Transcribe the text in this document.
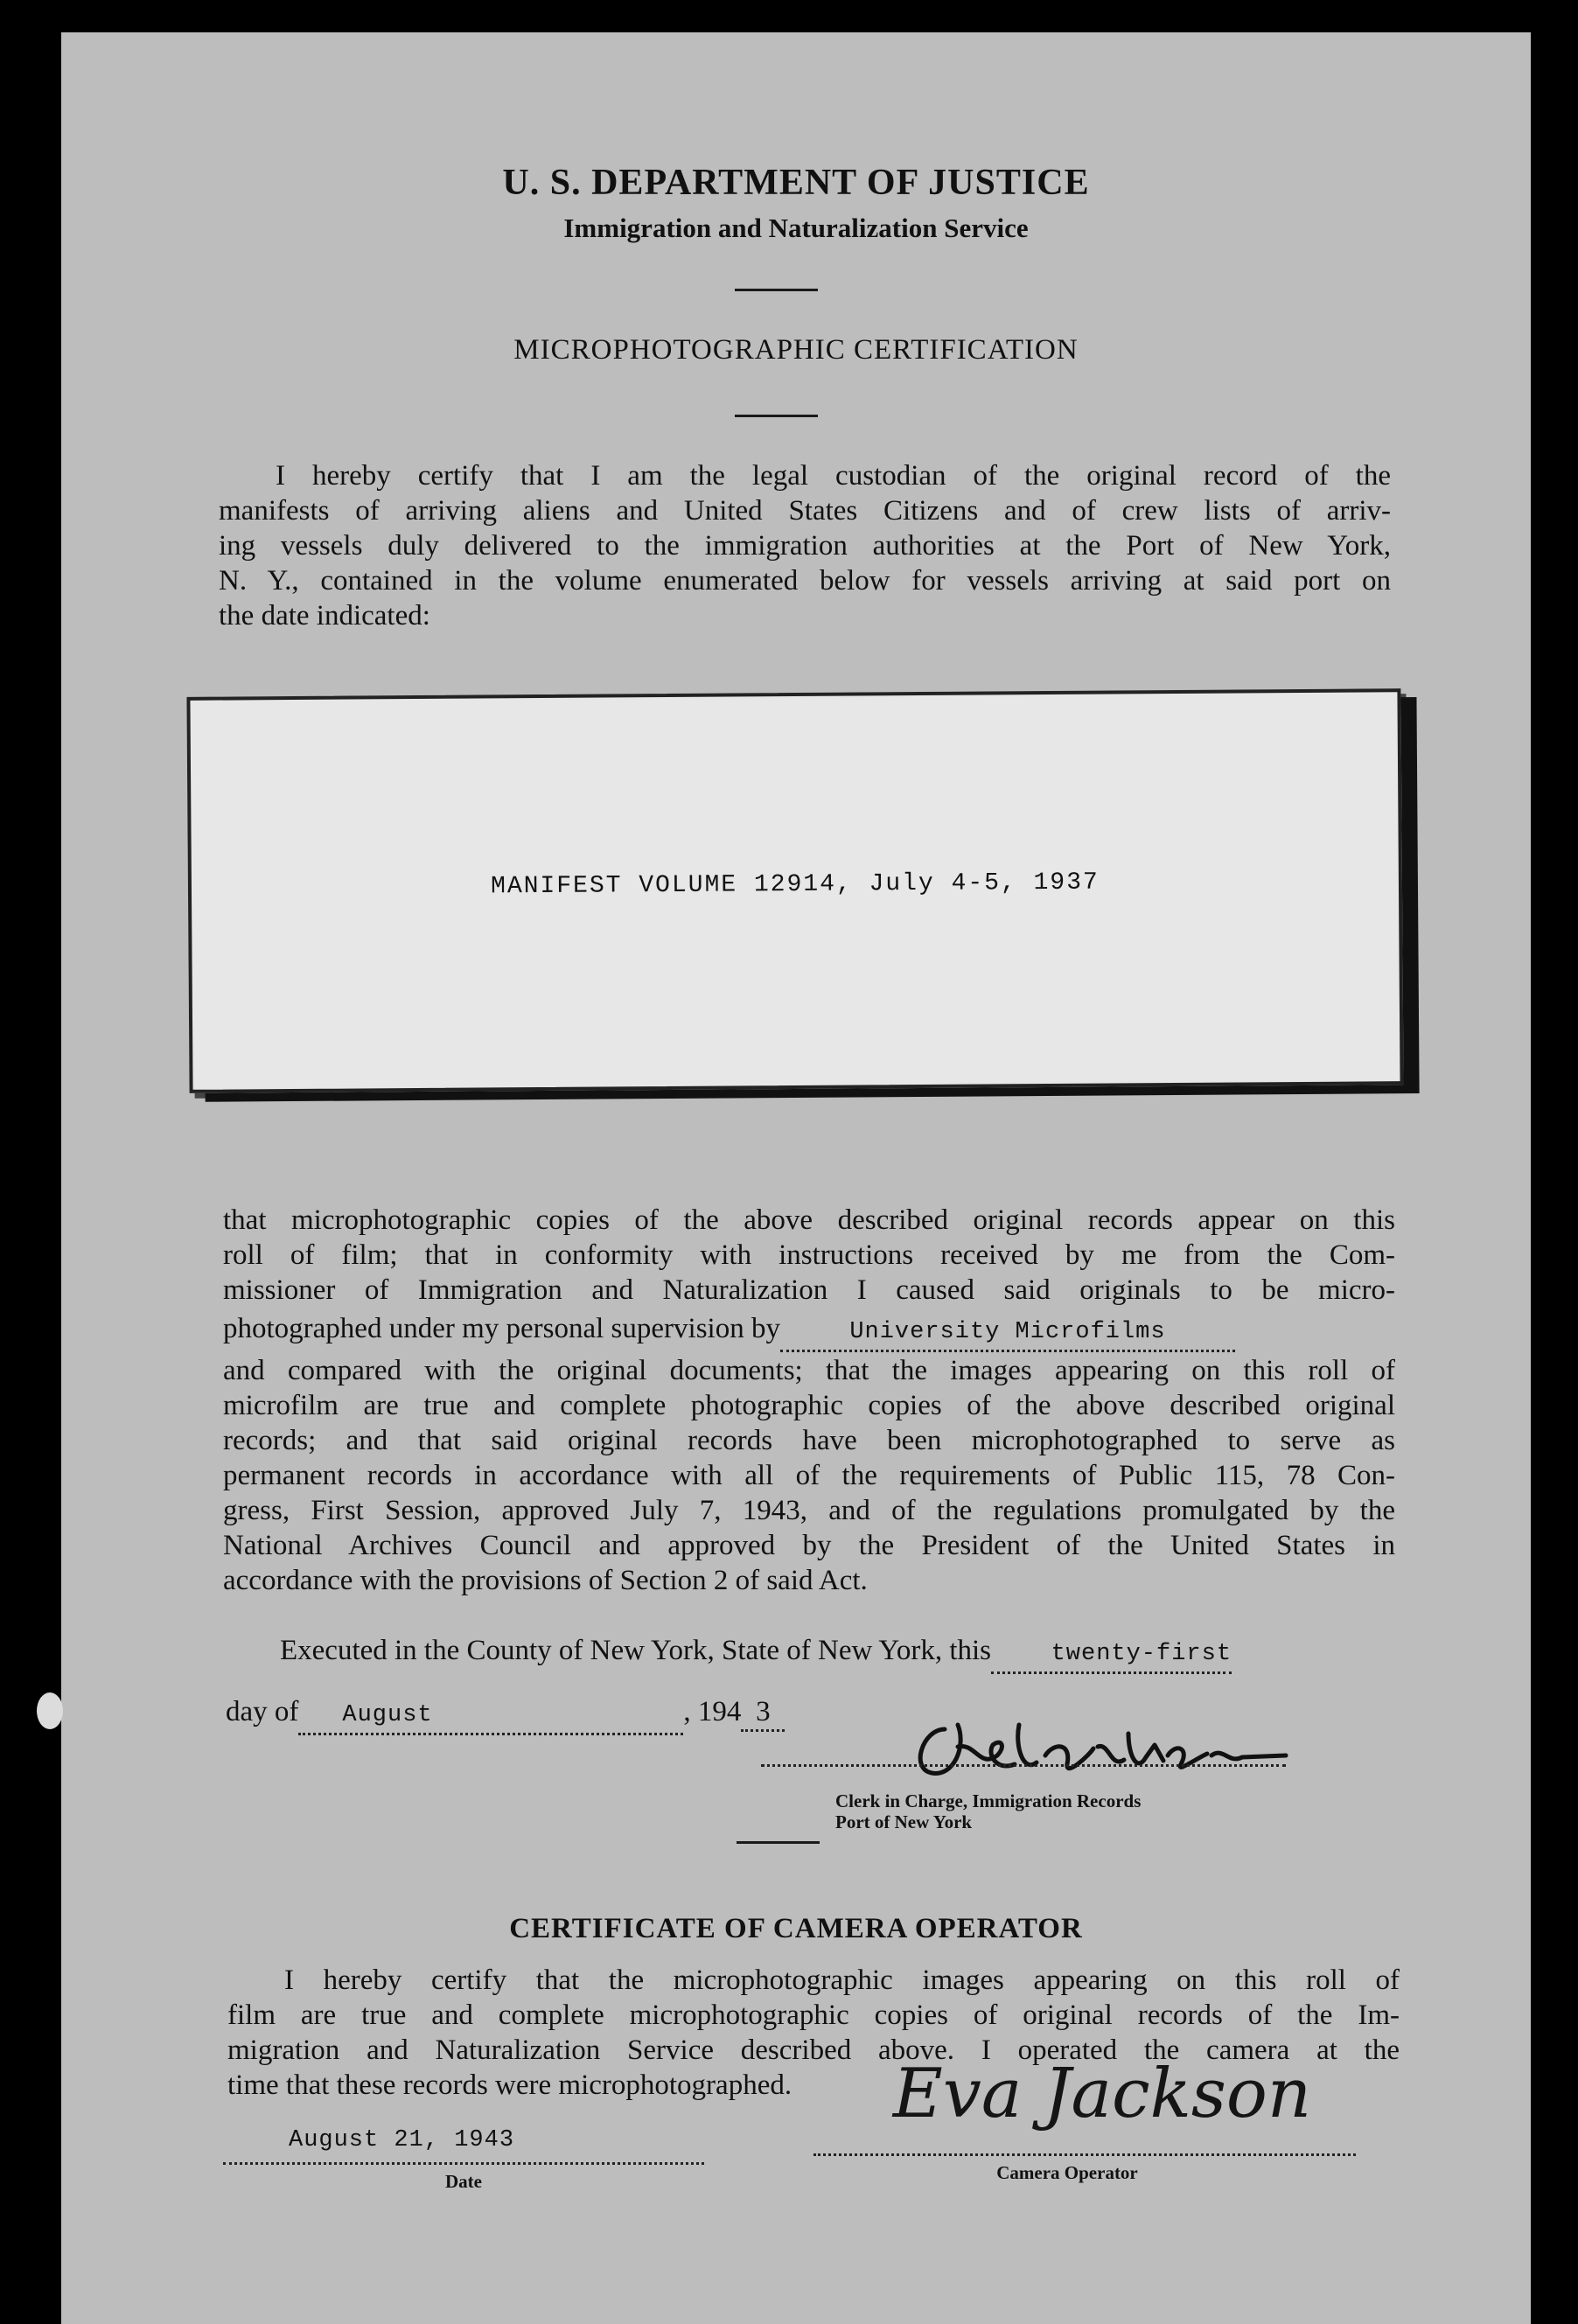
U. S. DEPARTMENT OF JUSTICE
Immigration and Naturalization Service
MICROPHOTOGRAPHIC CERTIFICATION
I hereby certify that I am the legal custodian of the original record of the
manifests of arriving aliens and United States Citizens and of crew lists of arriv-
ing vessels duly delivered to the immigration authorities at the Port of New York,
N. Y., contained in the volume enumerated below for vessels arriving at said port on
the date indicated:
MANIFEST VOLUME 12914, July 4-5, 1937
that microphotographic copies of the above described original records appear on this
roll of film; that in conformity with instructions received by me from the Com-
missioner of Immigration and Naturalization I caused said originals to be micro-
photographed under my personal supervision by	University Microfilms
and compared with the original documents; that the images appearing on this roll of
microfilm are true and complete photographic copies of the above described original
records; and that said original records have been microphotographed to serve as
permanent records in accordance with all of the requirements of Public 115, 78 Con-
gress, First Session, approved July 7, 1943, and of the regulations promulgated by the
National Archives Council and approved by the President of the United States in
accordance with the provisions of Section 2 of said Act.
Executed in the County of New York, State of New York, this	twenty-first
day of August	, 194 3
Clerk in Charge, Immigration Records
Port of New York
CERTIFICATE OF CAMERA OPERATOR
I hereby certify that the microphotographic images appearing on this roll of
film are true and complete microphotographic copies of original records of the Im-
migration and Naturalization Service described above. I operated the camera at the
time that these records were microphotographed.
August 21, 1943
Date
Eva Jackson
Camera Operator
